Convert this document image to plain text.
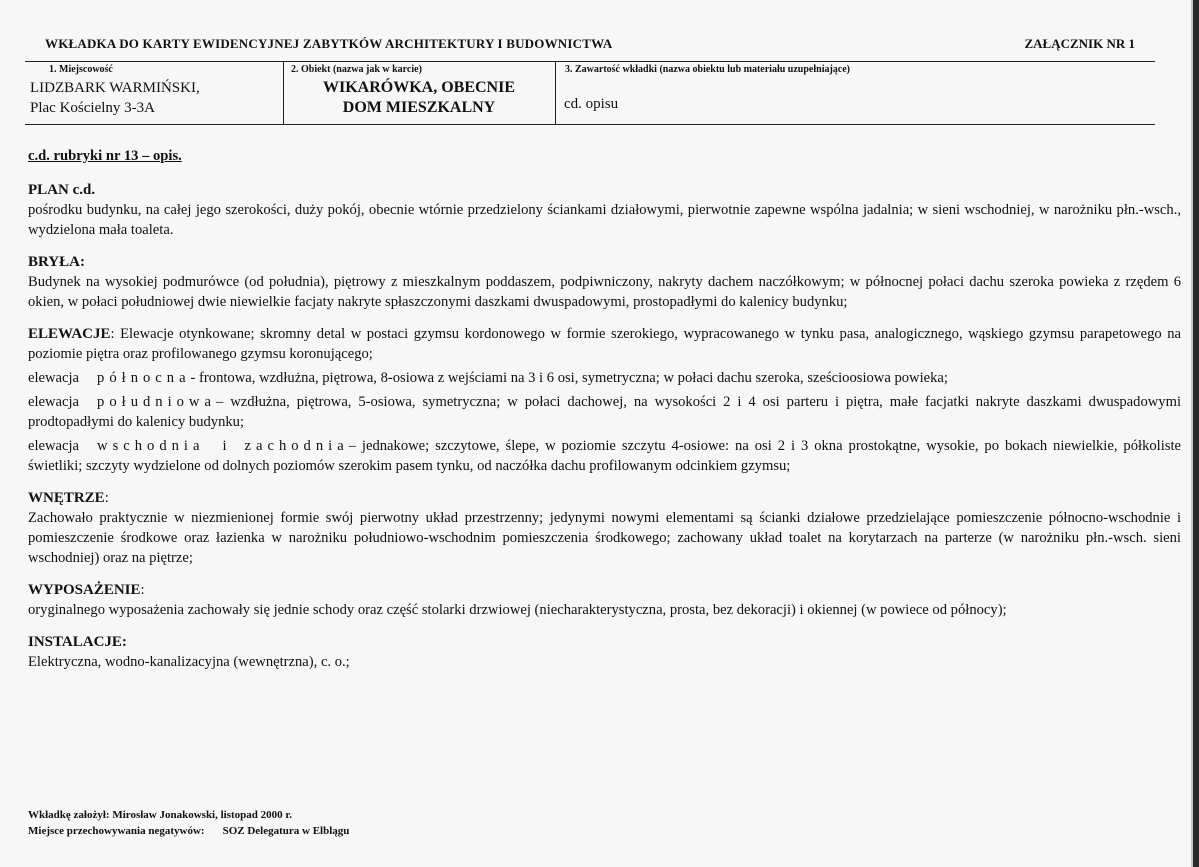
WKŁADKA DO KARTY EWIDENCYJNEJ ZABYTKÓW ARCHITEKTURY I BUDOWNICTWA	ZAŁĄCZNIK NR 1
1. Miejscowość
LIDZBARK WARMIŃSKI,
Plac Kościelny 3-3A
2. Obiekt (nazwa jak w karcie)
WIKARÓWKA, OBECNIE
DOM MIESZKALNY
3. Zawartość wkładki (nazwa obiektu lub materiału uzupełniające)
cd. opisu
c.d. rubryki nr 13 – opis.
PLAN c.d.

pośrodku budynku, na całej jego szerokości, duży pokój, obecnie wtórnie przedzielony ściankami działowymi, pierwotnie zapewne wspólna jadalnia; w sieni wschodniej, w narożniku płn.-wsch., wydzielona mała toaleta.

BRYŁA:

Budynek na wysokiej podmurówce (od południa), piętrowy z mieszkalnym poddaszem, podpiwniczony, nakryty dachem naczółkowym; w północnej połaci dachu szeroka powieka z rzędem 6 okien, w połaci południowej dwie niewielkie facjaty nakryte spłaszczonymi daszkami dwuspadowymi, prostopadłymi do kalenicy budynku;

ELEWACJE: Elewacje otynkowane; skromny detal w postaci gzymsu kordonowego w formie szerokiego, wypracowanego w tynku pasa, analogicznego, wąskiego gzymsu parapetowego na poziomie piętra oraz profilowanego gzymsu koronującego;

elewacja północna- frontowa, wzdłużna, piętrowa, 8-osiowa z wejściami na 3 i 6 osi, symetryczna; w połaci dachu szeroka, sześcioosiowa powieka;

elewacja południowa– wzdłużna, piętrowa, 5-osiowa, symetryczna; w połaci dachowej, na wysokości 2 i 4 osi parteru i piętra, małe facjatki nakryte daszkami dwuspadowymi prodtopadłymi do kalenicy budynku;

elewacja wschodnia i zachodnia– jednakowe; szczytowe, ślepe, w poziomie szczytu 4-osiowe: na osi 2 i 3 okna prostokątne, wysokie, po bokach niewielkie, półkoliste świetliki; szczyty wydzielone od dolnych poziomów szerokim pasem tynku, od naczółka dachu profilowanym odcinkiem gzymsu;

WNĘTRZE:

Zachowało praktycznie w niezmienionej formie swój pierwotny układ przestrzenny; jedynymi nowymi elementami są ścianki działowe przedzielające pomieszczenie północno-wschodnie i pomieszczenie środkowe oraz łazienka w narożniku południowo-wschodnim pomieszczenia środkowego; zachowany układ toalet na korytarzach na parterze (w narożniku płn.-wsch. sieni wschodniej) oraz na piętrze;

WYPOSAŻENIE:

oryginalnego wyposażenia zachowały się jednie schody oraz część stolarki drzwiowej (niecharakterystyczna, prosta, bez dekoracji) i okiennej (w powiece od północy);

INSTALACJE:

Elektryczna, wodno-kanalizacyjna (wewnętrzna), c. o.;

Wkładkę założył: Mirosław Jonakowski, listopad 2000 r.
Miejsce przechowywania negatywów: SOZ Delegatura w Elblągu
